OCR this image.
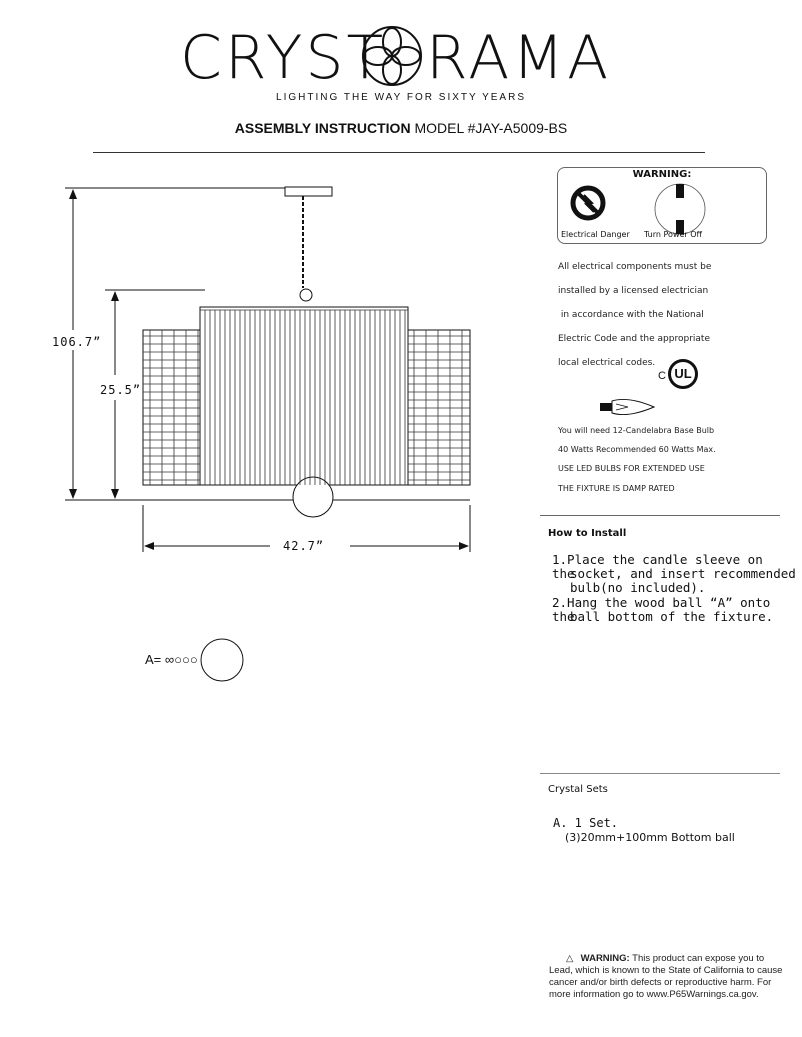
CRYST RAMA
LIGHTING THE WAY FOR SIXTY YEARS
ASSEMBLY INSTRUCTION MODEL #JAY-A5009-BS
106.7”
25.5”
42.7”
A= ∞○○○
WARNING:
Electrical Danger Turn Power Off
All electrical components must be
installed by a licensed electrician
in accordance with the National
Electric Code and the appropriate
local electrical codes.
C UL
You will need 12-Candelabra Base Bulb
40 Watts Recommended 60 Watts Max.
USE LED BULBS FOR EXTENDED USE
THE FIXTURE IS DAMP RATED
How to Install
1.Place the candle sleeve on the
socket, and insert recommended
bulb(no included).
2.Hang the wood ball “A” onto the
ball bottom of the fixture.
Crystal Sets
A. 1 Set.
(3)20mm+100mm Bottom ball
△ WARNING: This product can expose you to Lead, which is known to the State of California to cause cancer and/or birth defects or reproductive harm. For more information go to www.P65Warnings.ca.gov.
